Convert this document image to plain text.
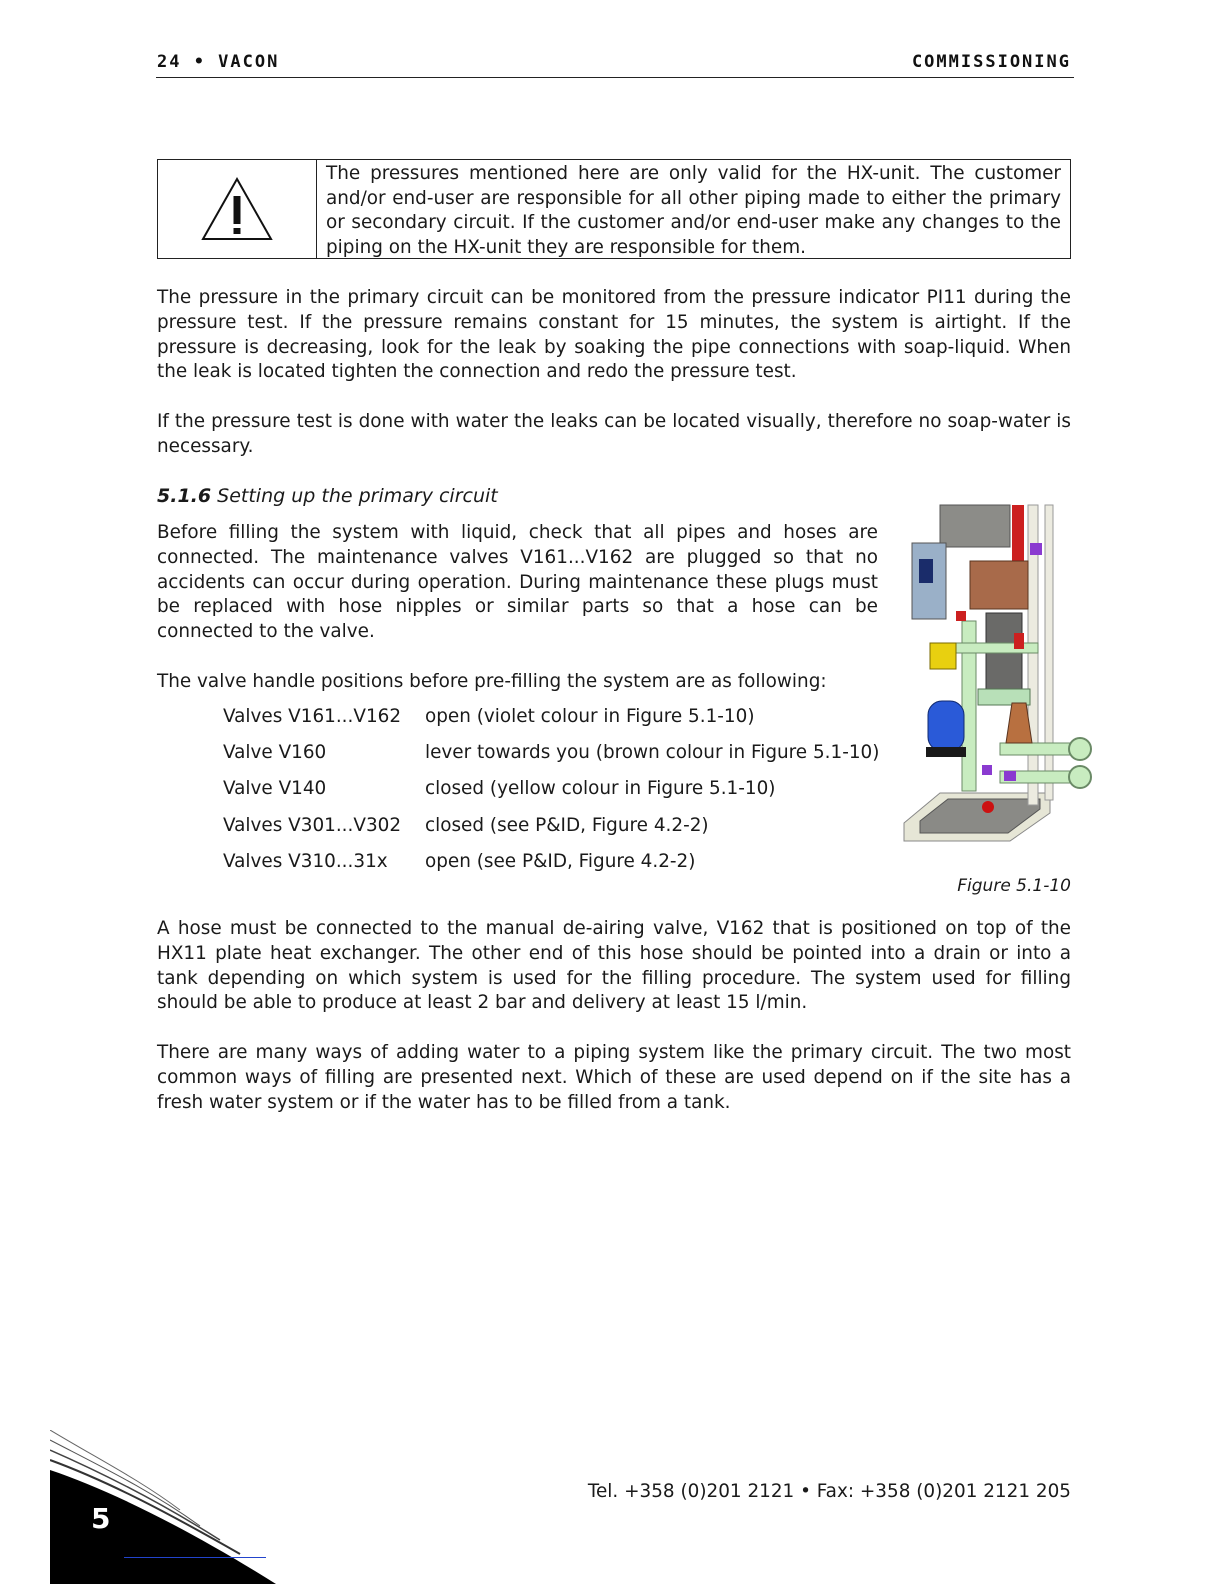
24 • VACON	COMMISSIONING
The pressures mentioned here are only valid for the HX-unit. The customer and/or end-user are responsible for all other piping made to either the primary or secondary circuit. If the customer and/or end-user make any changes to the piping on the HX-unit they are responsible for them.

The pressure in the primary circuit can be monitored from the pressure indicator PI11 during the pressure test. If the pressure remains constant for 15 minutes, the system is airtight. If the pressure is decreasing, look for the leak by soaking the pipe connections with soap-liquid. When the leak is located tighten the connection and redo the pressure test.

If the pressure test is done with water the leaks can be located visually, therefore no soap-water is necessary.

5.1.6 Setting up the primary circuit

Before filling the system with liquid, check that all pipes and hoses are connected. The maintenance valves V161...V162 are plugged so that no accidents can occur during operation. During maintenance these plugs must be replaced with hose nipples or similar parts so that a hose can be connected to the valve.

The valve handle positions before pre-filling the system are as following:

Valves V161...V162	open (violet colour in Figure 5.1-10)
Valve V160	lever towards you (brown colour in Figure 5.1-10)
Valve V140	closed (yellow colour in Figure 5.1-10)
Valves V301...V302	closed (see P&ID, Figure 4.2-2)
Valves V310...31x	open (see P&ID, Figure 4.2-2)
Figure 5.1-10

A hose must be connected to the manual de-airing valve, V162 that is positioned on top of the HX11 plate heat exchanger. The other end of this hose should be pointed into a drain or into a tank depending on which system is used for the filling procedure. The system used for filling should be able to produce at least 2 bar and delivery at least 15 l/min.

There are many ways of adding water to a piping system like the primary circuit. The two most common ways of filling are presented next. Which of these are used depend on if the site has a fresh water system or if the water has to be filled from a tank.

Tel. +358 (0)201 2121 • Fax: +358 (0)201 2121 205
5
